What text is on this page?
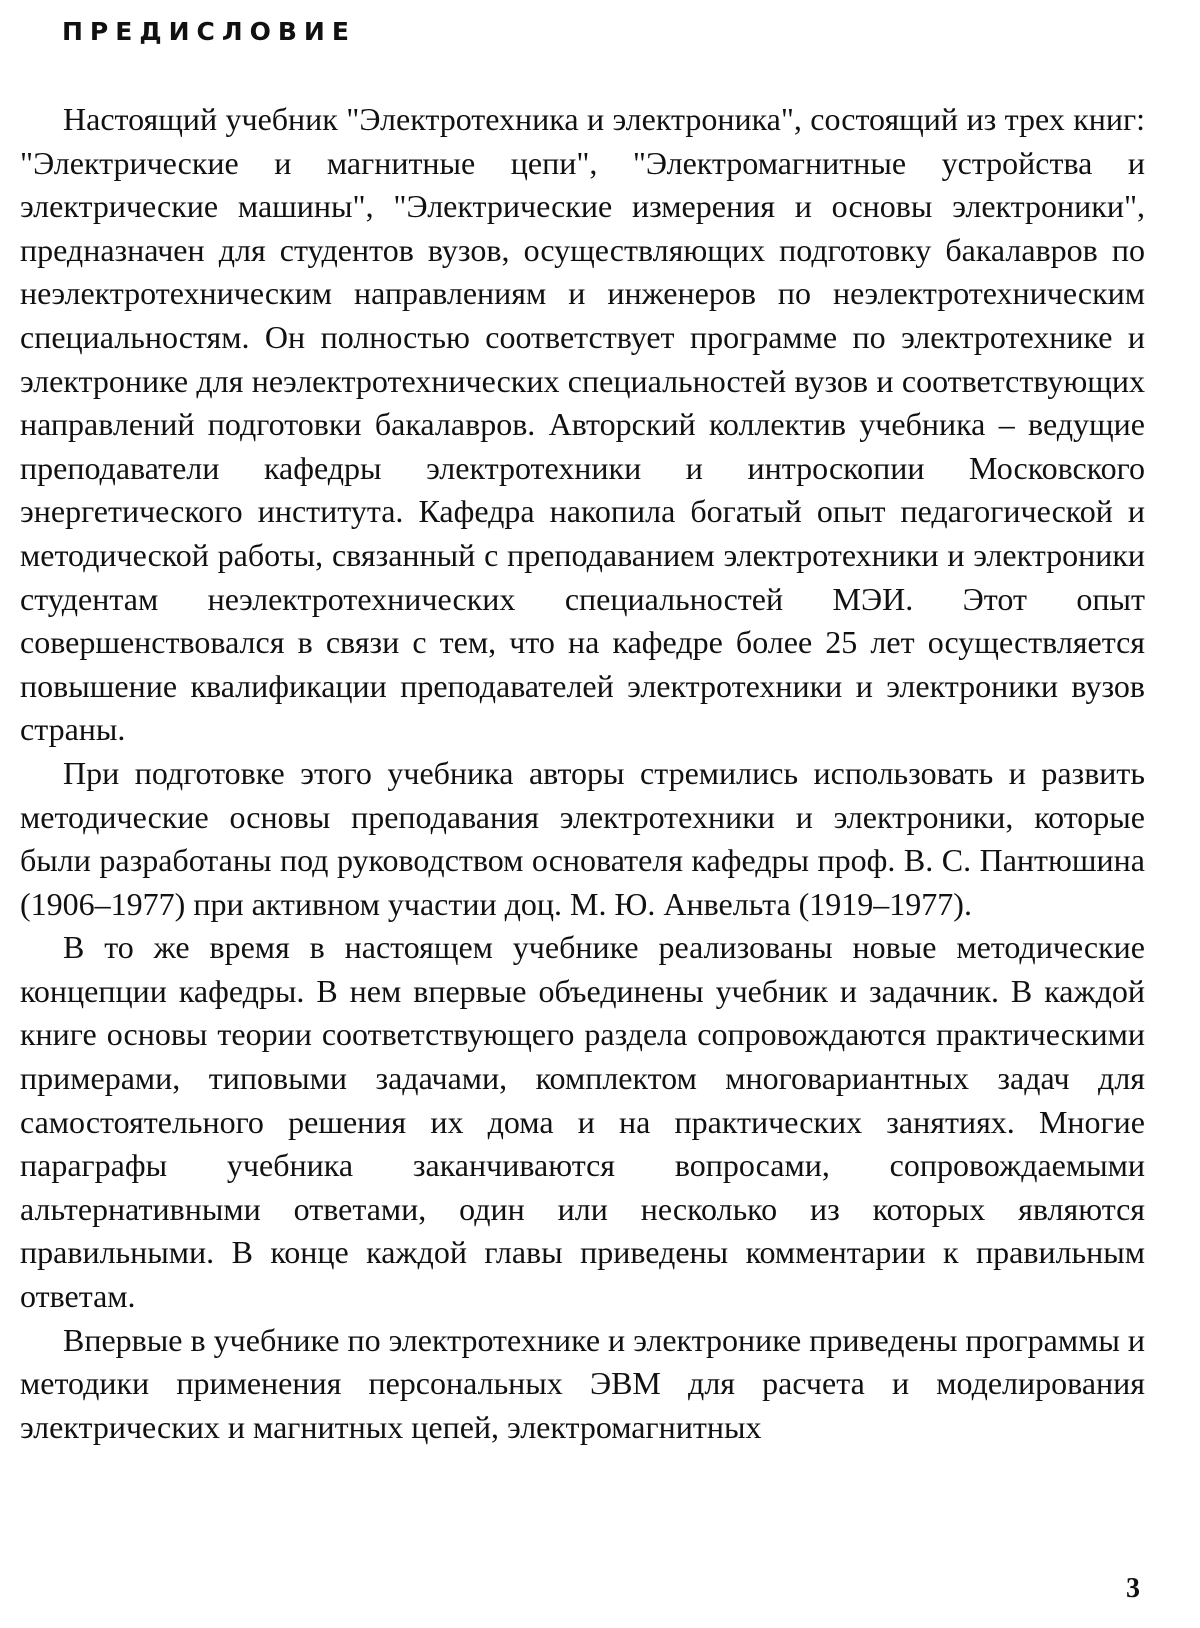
ПРЕДИСЛОВИЕ

Настоящий учебник "Электротехника и электроника", состоящий из трех книг: "Электрические и магнитные цепи", "Электромагнитные устройства и электрические машины", "Электрические измерения и основы электроники", предназначен для студентов вузов, осуществляющих подготовку бакалавров по неэлектротехническим направлениям и инженеров по неэлектротехническим специальностям. Он полностью соответствует программе по электротехнике и электронике для неэлектротехнических специальностей вузов и соответствующих направлений подготовки бакалавров. Авторский коллектив учебника – ведущие преподаватели кафедры электротехники и интроскопии Московского энергетического института. Кафедра накопила богатый опыт педагогической и методической работы, связанный с преподаванием электротехники и электроники студентам неэлектротехнических специальностей МЭИ. Этот опыт совершенствовался в связи с тем, что на кафедре более 25 лет осуществляется повышение квалификации преподавателей электротехники и электроники вузов страны.

При подготовке этого учебника авторы стремились использовать и развить методические основы преподавания электротехники и электроники, которые были разработаны под руководством основателя кафедры проф. В. С. Пантюшина (1906–1977) при активном участии доц. М. Ю. Анвельта (1919–1977).

В то же время в настоящем учебнике реализованы новые методические концепции кафедры. В нем впервые объединены учебник и задачник. В каждой книге основы теории соответствующего раздела сопровождаются практическими примерами, типовыми задачами, комплектом многовариантных задач для самостоятельного решения их дома и на практических занятиях. Многие параграфы учебника заканчиваются вопросами, сопровождаемыми альтернативными ответами, один или несколько из которых являются правильными. В конце каждой главы приведены комментарии к правильным ответам.

Впервые в учебнике по электротехнике и электронике приведены программы и методики применения персональных ЭВМ для расчета и моделирования электрических и магнитных цепей, электромагнитных

3
